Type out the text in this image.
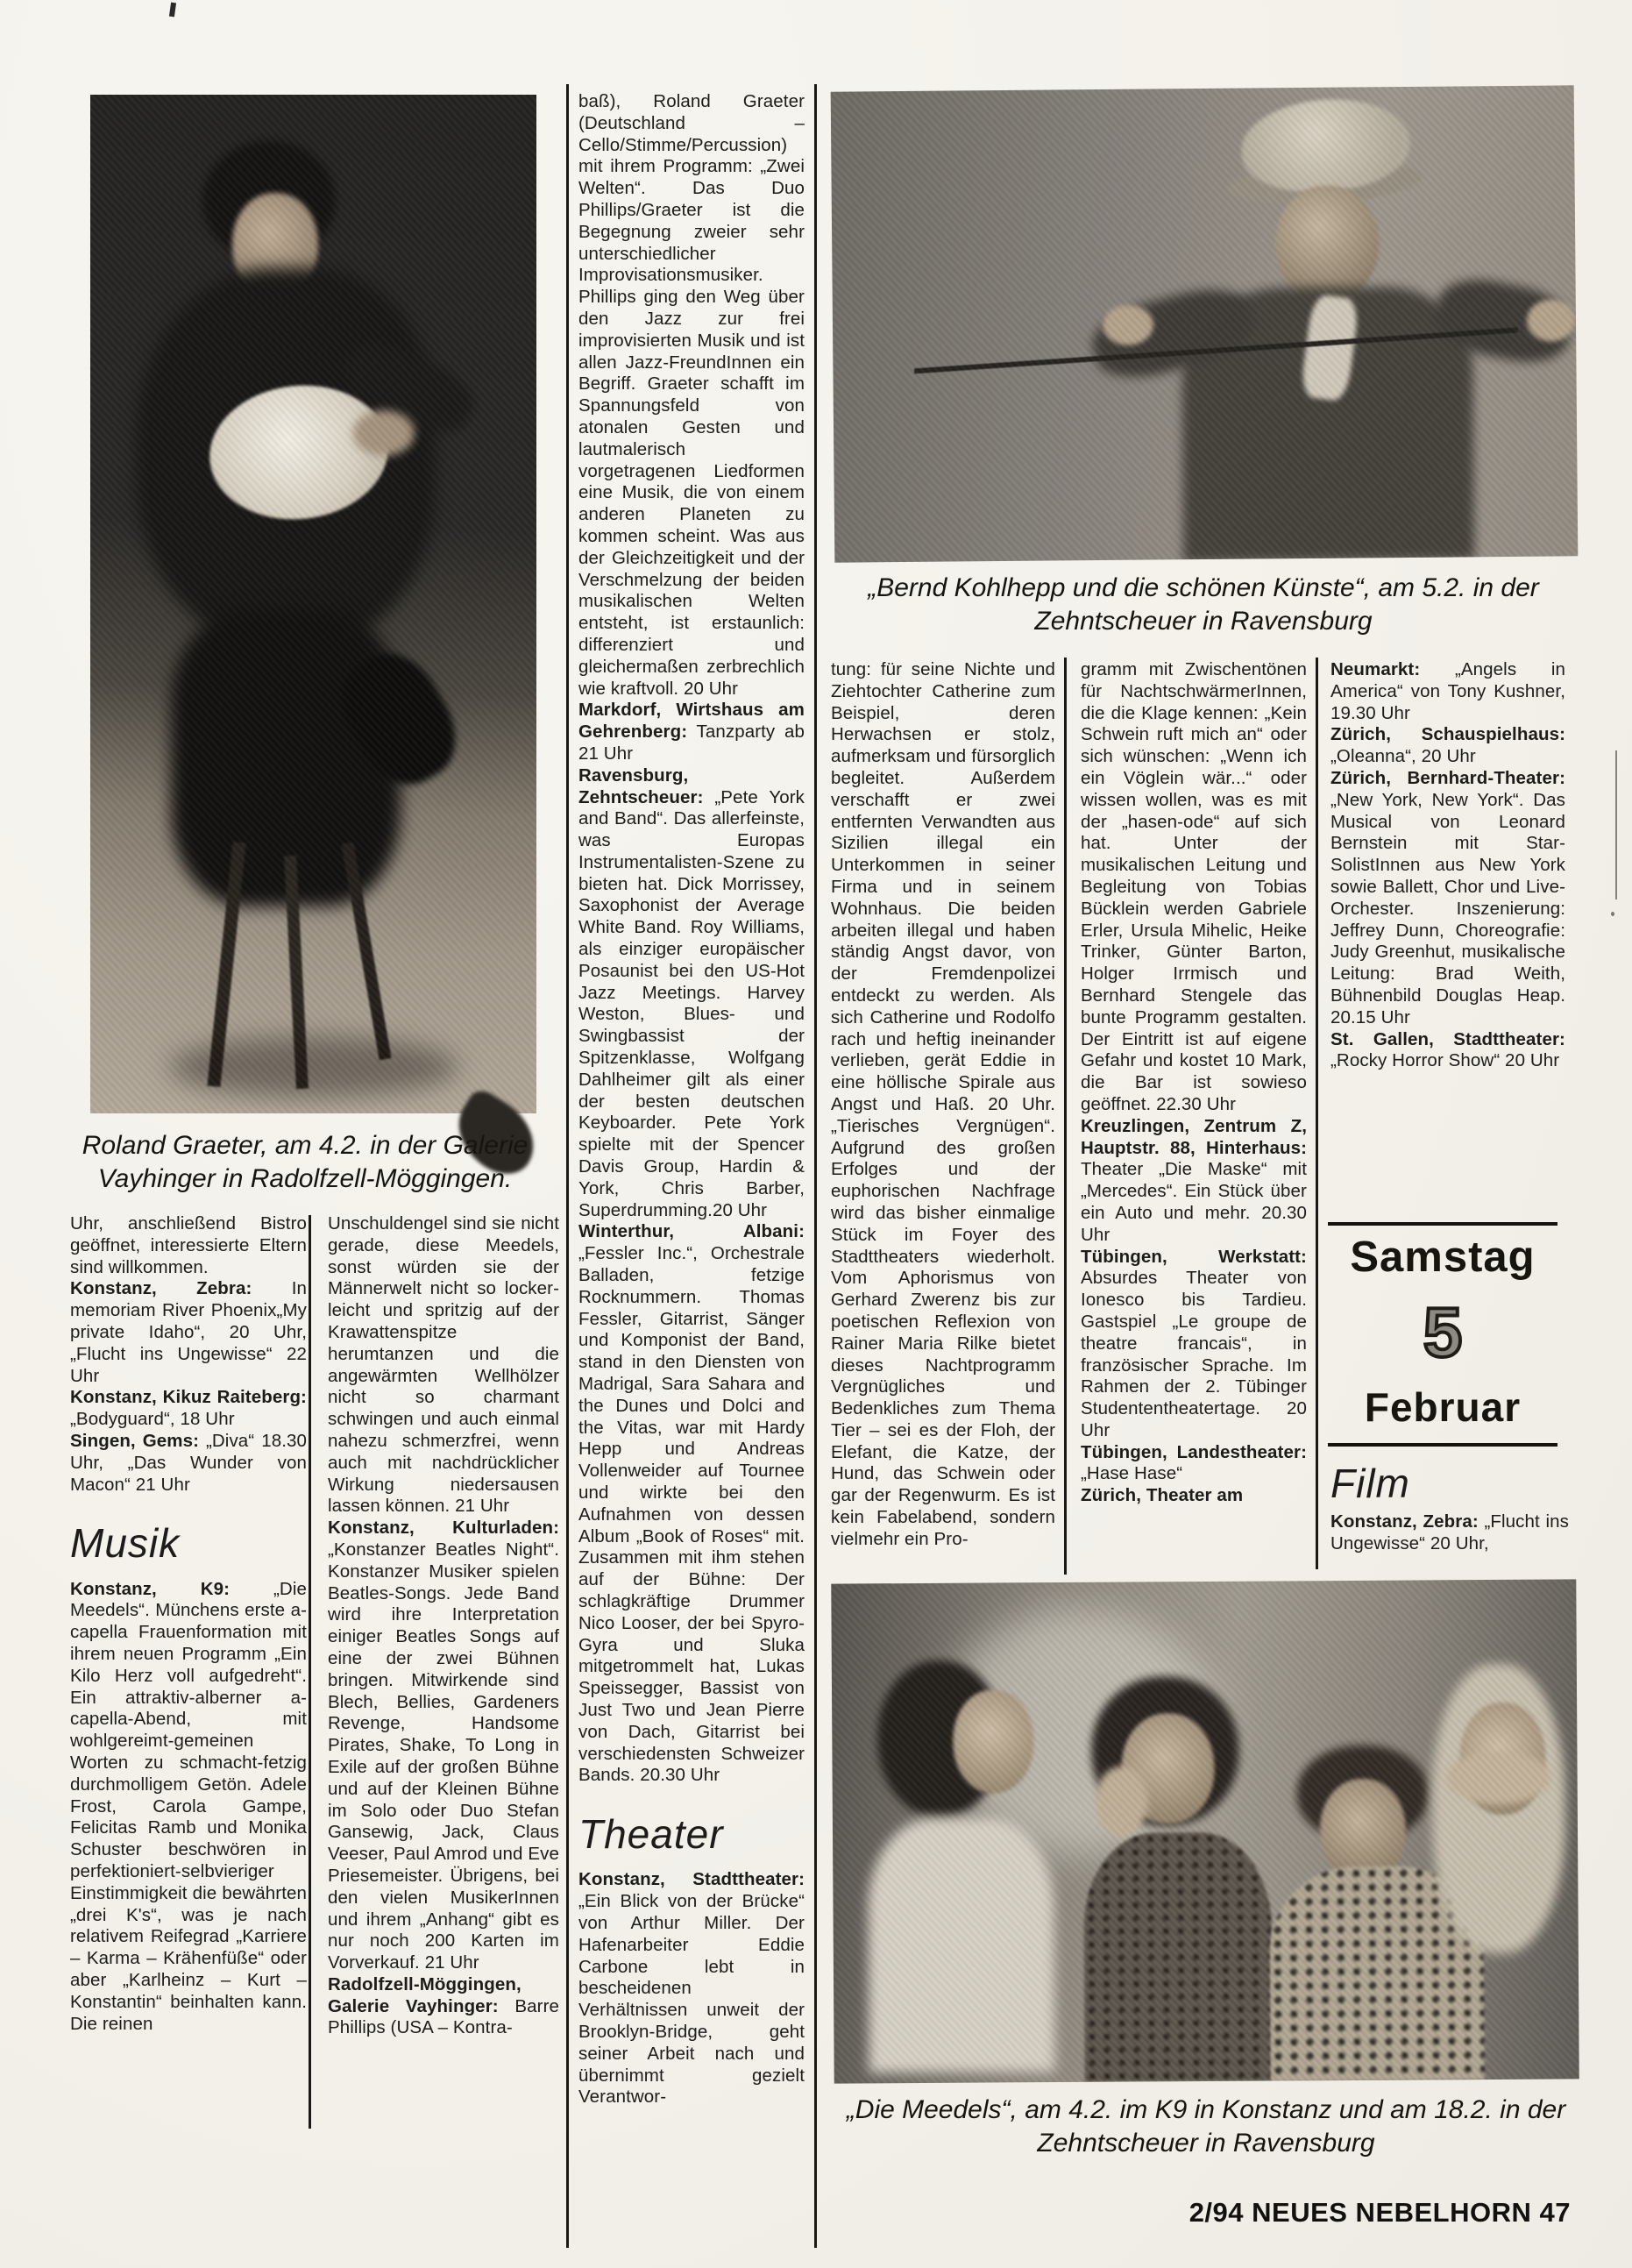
Roland Graeter, am 4.2. in der Galerie Vayhinger in Radolfzell-Möggingen.
„Bernd Kohlhepp und die schönen Künste“, am 5.2. in der Zehntscheuer in Ravensburg
„Die Meedels“, am 4.2. im K9 in Konstanz und am 18.2. in der Zehntscheuer in Ravensburg

Uhr, anschließend Bistro geöffnet, interessierte Eltern sind willkommen.

Konstanz, Zebra: In memoriam River Phoenix„My private Idaho“, 20 Uhr, „Flucht ins Ungewisse“ 22 Uhr

Konstanz, Kikuz Raiteberg: „Bodyguard“, 18 Uhr

Singen, Gems: „Diva“ 18.30 Uhr, „Das Wunder von Macon“ 21 Uhr

Musik

Konstanz, K9: „Die Meedels“. Münchens erste a-capella Frauenformation mit ihrem neuen Programm „Ein Kilo Herz voll aufgedreht“. Ein attraktiv-alberner a-capella-Abend, mit wohlgereimt-gemeinen Worten zu schmacht-fetzig durchmolligem Getön. Adele Frost, Carola Gampe, Felicitas Ramb und Monika Schuster beschwören in perfektioniert-selbvieriger Einstimmigkeit die bewährten „drei K's“, was je nach relativem Reifegrad „Karriere – Karma – Krähenfüße“ oder aber „Karlheinz – Kurt – Konstantin“ beinhalten kann. Die reinen

Unschuldengel sind sie nicht gerade, diese Meedels, sonst würden sie der Männerwelt nicht so locker-leicht und spritzig auf der Krawattenspitze herumtanzen und die angewärmten Wellhölzer nicht so charmant schwingen und auch einmal nahezu schmerzfrei, wenn auch mit nachdrücklicher Wirkung niedersausen lassen können. 21 Uhr

Konstanz, Kulturladen: „Konstanzer Beatles Night“. Konstanzer Musiker spielen Beatles-Songs. Jede Band wird ihre Interpretation einiger Beatles Songs auf eine der zwei Bühnen bringen. Mitwirkende sind Blech, Bellies, Gardeners Revenge, Handsome Pirates, Shake, To Long in Exile auf der großen Bühne und auf der Kleinen Bühne im Solo oder Duo Stefan Gansewig, Jack, Claus Veeser, Paul Amrod und Eve Priesemeister. Übrigens, bei den vielen MusikerInnen und ihrem „Anhang“ gibt es nur noch 200 Karten im Vorverkauf. 21 Uhr

Radolfzell-Möggingen, Galerie Vayhinger: Barre Phillips (USA – Kontra-

baß), Roland Graeter (Deutschland – Cello/Stimme/Percussion) mit ihrem Programm: „Zwei Welten“. Das Duo Phillips/Graeter ist die Begegnung zweier sehr unterschiedlicher Improvisationsmusiker. Phillips ging den Weg über den Jazz zur frei improvisierten Musik und ist allen Jazz-FreundInnen ein Begriff. Graeter schafft im Spannungsfeld von atonalen Gesten und lautmalerisch vorgetragenen Liedformen eine Musik, die von einem anderen Planeten zu kommen scheint. Was aus der Gleichzeitigkeit und der Verschmelzung der beiden musikalischen Welten entsteht, ist erstaunlich: differenziert und gleichermaßen zerbrechlich wie kraftvoll. 20 Uhr

Markdorf, Wirtshaus am Gehrenberg: Tanzparty ab 21 Uhr

Ravensburg, Zehntscheuer: „Pete York and Band“. Das allerfeinste, was Europas Instrumentalisten-Szene zu bieten hat. Dick Morrissey, Saxophonist der Average White Band. Roy Williams, als einziger europäischer Posaunist bei den US-Hot Jazz Meetings. Harvey Weston, Blues- und Swingbassist der Spitzenklasse, Wolfgang Dahlheimer gilt als einer der besten deutschen Keyboarder. Pete York spielte mit der Spencer Davis Group, Hardin & York, Chris Barber, Superdrumming.20 Uhr

Winterthur, Albani: „Fessler Inc.“, Orchestrale Balladen, fetzige Rocknummern. Thomas Fessler, Gitarrist, Sänger und Komponist der Band, stand in den Diensten von Madrigal, Sara Sahara and the Dunes und Dolci and the Vitas, war mit Hardy Hepp und Andreas Vollenweider auf Tournee und wirkte bei den Aufnahmen von dessen Album „Book of Roses“ mit. Zusammen mit ihm stehen auf der Bühne: Der schlagkräftige Drummer Nico Looser, der bei Spyro-Gyra und Sluka mitgetrommelt hat, Lukas Speissegger, Bassist von Just Two und Jean Pierre von Dach, Gitarrist bei verschiedensten Schweizer Bands. 20.30 Uhr

Theater

Konstanz, Stadttheater: „Ein Blick von der Brücke“ von Arthur Miller. Der Hafenarbeiter Eddie Carbone lebt in bescheidenen Verhältnissen unweit der Brooklyn-Bridge, geht seiner Arbeit nach und übernimmt gezielt Verantwor-

tung: für seine Nichte und Ziehtochter Catherine zum Beispiel, deren Herwachsen er stolz, aufmerksam und fürsorglich begleitet. Außerdem verschafft er zwei entfernten Verwandten aus Sizilien illegal ein Unterkommen in seiner Firma und in seinem Wohnhaus. Die beiden arbeiten illegal und haben ständig Angst davor, von der Fremdenpolizei entdeckt zu werden. Als sich Catherine und Rodolfo rach und heftig ineinander verlieben, gerät Eddie in eine höllische Spirale aus Angst und Haß. 20 Uhr. „Tierisches Vergnügen“. Aufgrund des großen Erfolges und der euphorischen Nachfrage wird das bisher einmalige Stück im Foyer des Stadttheaters wiederholt. Vom Aphorismus von Gerhard Zwerenz bis zur poetischen Reflexion von Rainer Maria Rilke bietet dieses Nachtprogramm Vergnügliches und Bedenkliches zum Thema Tier – sei es der Floh, der Elefant, die Katze, der Hund, das Schwein oder gar der Regenwurm. Es ist kein Fabelabend, sondern vielmehr ein Pro-

gramm mit Zwischentönen für NachtschwärmerInnen, die die Klage kennen: „Kein Schwein ruft mich an“ oder sich wünschen: „Wenn ich ein Vöglein wär...“ oder wissen wollen, was es mit der „hasen-ode“ auf sich hat. Unter der musikalischen Leitung und Begleitung von Tobias Bücklein werden Gabriele Erler, Ursula Mihelic, Heike Trinker, Günter Barton, Holger Irrmisch und Bernhard Stengele das bunte Programm gestalten. Der Eintritt ist auf eigene Gefahr und kostet 10 Mark, die Bar ist sowieso geöffnet. 22.30 Uhr

Kreuzlingen, Zentrum Z, Hauptstr. 88, Hinterhaus: Theater „Die Maske“ mit „Mercedes“. Ein Stück über ein Auto und mehr. 20.30 Uhr

Tübingen, Werkstatt: Absurdes Theater von Ionesco bis Tardieu. Gastspiel „Le groupe de theatre francais“, in französischer Sprache. Im Rahmen der 2. Tübinger Studententheatertage. 20 Uhr

Tübingen, Landestheater: „Hase Hase“

Zürich, Theater am

Neumarkt: „Angels in America“ von Tony Kushner, 19.30 Uhr

Zürich, Schauspielhaus: „Oleanna“, 20 Uhr

Zürich, Bernhard-Theater: „New York, New York“. Das Musical von Leonard Bernstein mit Star-SolistInnen aus New York sowie Ballett, Chor und Live-Orchester. Inszenierung: Jeffrey Dunn, Choreografie: Judy Greenhut, musikalische Leitung: Brad Weith, Bühnenbild Douglas Heap. 20.15 Uhr

St. Gallen, Stadttheater: „Rocky Horror Show“ 20 Uhr

Samstag
5
Februar
Film

Konstanz, Zebra: „Flucht ins Ungewisse“ 20 Uhr,

2/94 NEUES NEBELHORN 47
